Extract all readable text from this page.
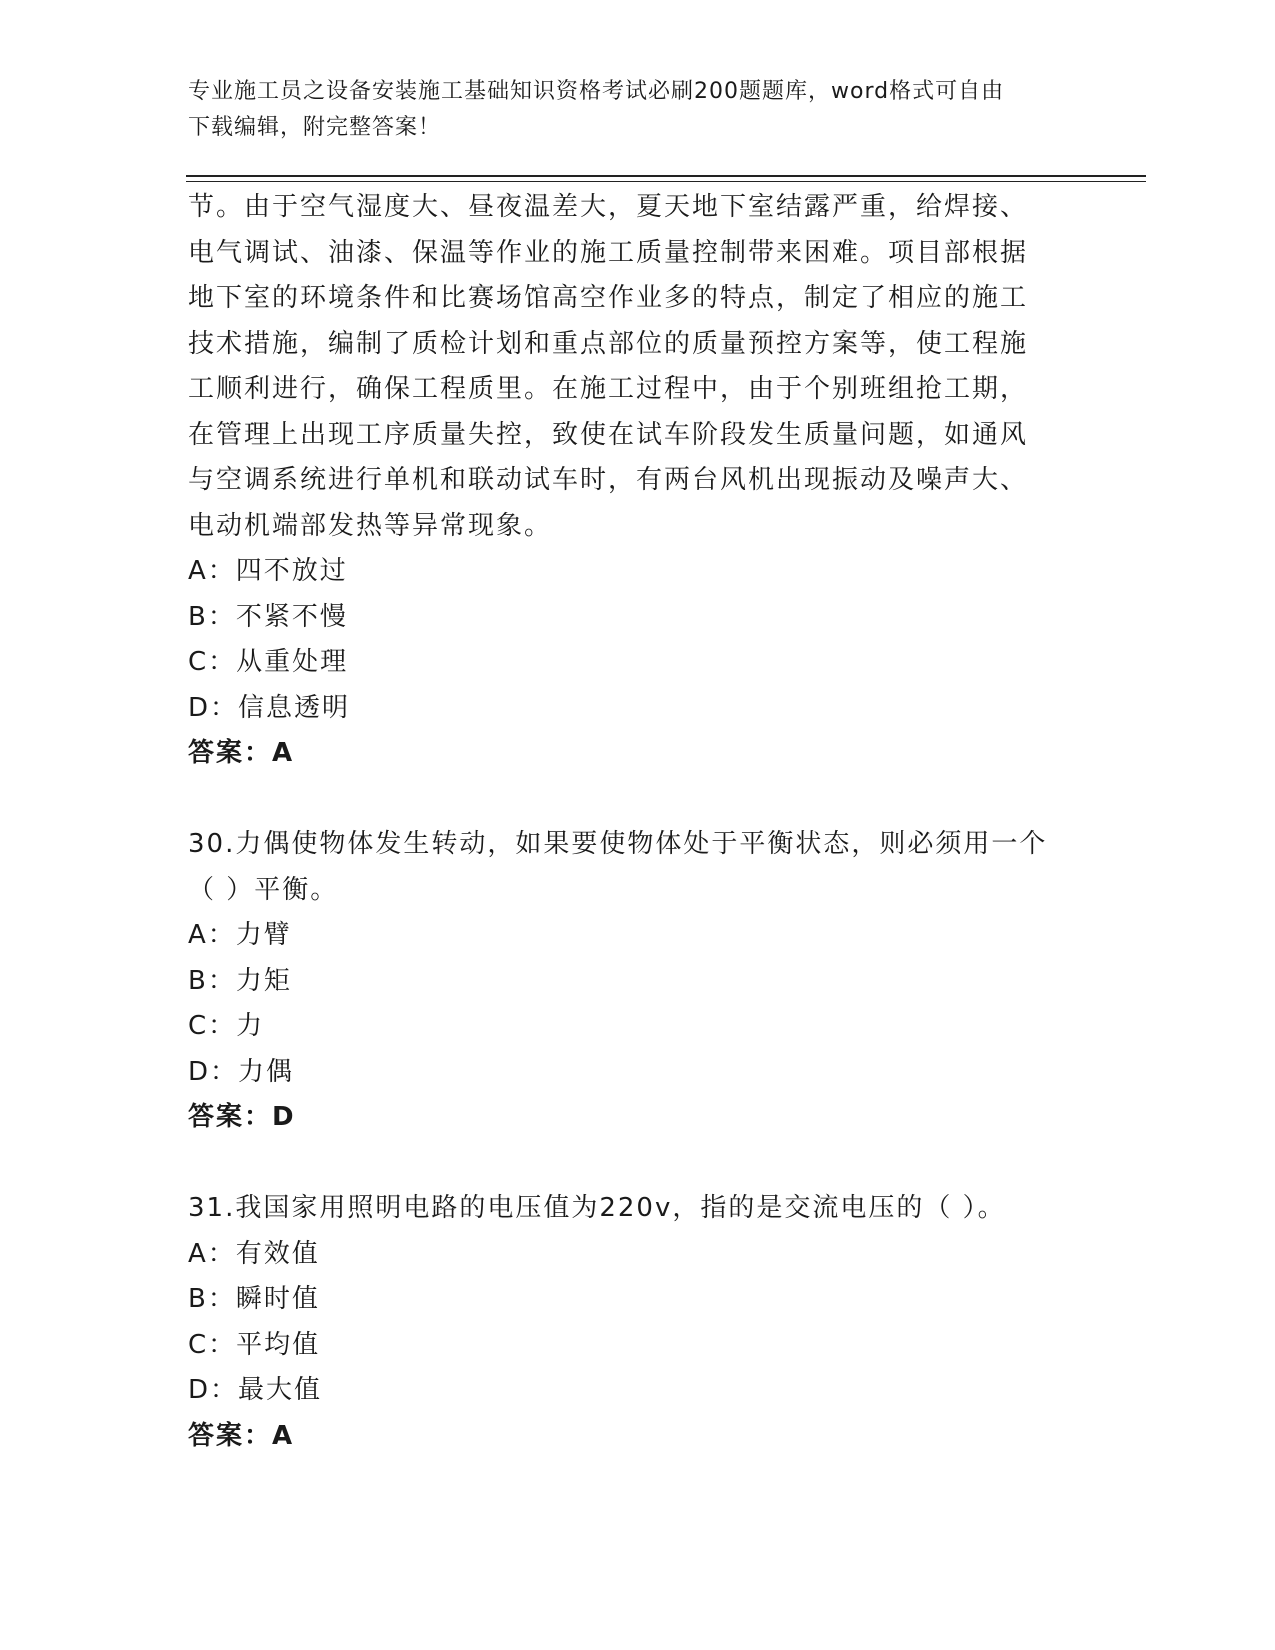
专业施工员之设备安装施工基础知识资格考试必刷200题题库，word格式可自由
下载编辑，附完整答案！
节。由于空气湿度大、昼夜温差大，夏天地下室结露严重，给焊接、
电气调试、油漆、保温等作业的施工质量控制带来困难。项目部根据
地下室的环境条件和比赛场馆高空作业多的特点，制定了相应的施工
技术措施，编制了质检计划和重点部位的质量预控方案等，使工程施
工顺利进行，确保工程质里。在施工过程中，由于个别班组抢工期，
在管理上出现工序质量失控，致使在试车阶段发生质量问题，如通风
与空调系统进行单机和联动试车时，有两台风机出现振动及噪声大、
电动机端部发热等异常现象。
A：四不放过
B：不紧不慢
C：从重处理
D：信息透明
答案：A
30.力偶使物体发生转动，如果要使物体处于平衡状态，则必须用一个
（ ）平衡。
A：力臂
B：力矩
C：力
D：力偶
答案：D
31.我国家用照明电路的电压值为220v，指的是交流电压的（ ）。
A：有效值
B：瞬时值
C：平均值
D：最大值
答案：A
